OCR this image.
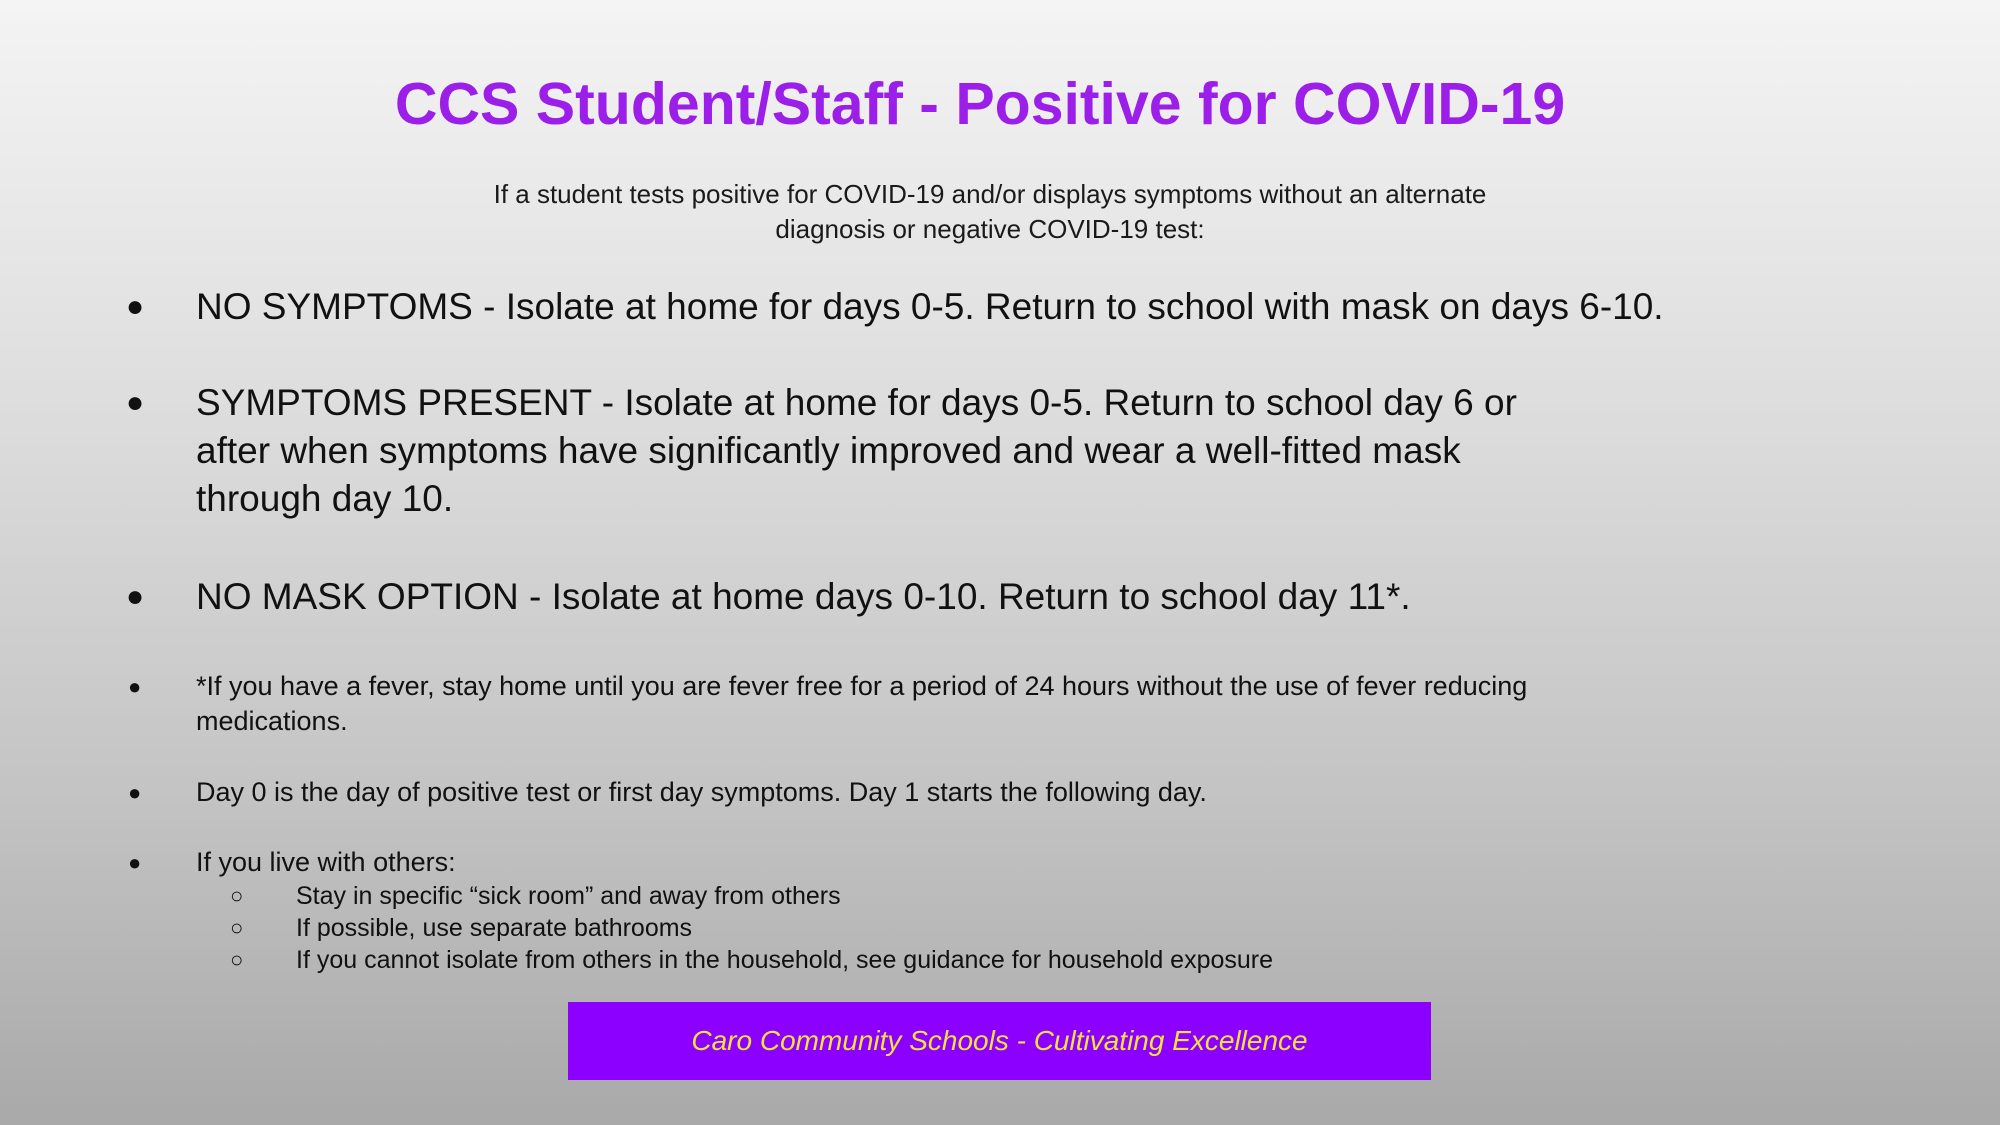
CCS Student/Staff - Positive for COVID-19
If a student tests positive for COVID-19 and/or displays symptoms without an alternate
diagnosis or negative COVID-19 test:
● NO SYMPTOMS - Isolate at home for days 0-5. Return to school with mask on days 6-10.
● SYMPTOMS PRESENT - Isolate at home for days 0-5. Return to school day 6 or
after when symptoms have significantly improved and wear a well-fitted mask
through day 10.
● NO MASK OPTION - Isolate at home days 0-10. Return to school day 11*.
● *If you have a fever, stay home until you are fever free for a period of 24 hours without the use of fever reducing
medications.
● Day 0 is the day of positive test or first day symptoms. Day 1 starts the following day.
● If you live with others:
○ Stay in specific “sick room” and away from others
○ If possible, use separate bathrooms
○ If you cannot isolate from others in the household, see guidance for household exposure
Caro Community Schools - Cultivating Excellence
